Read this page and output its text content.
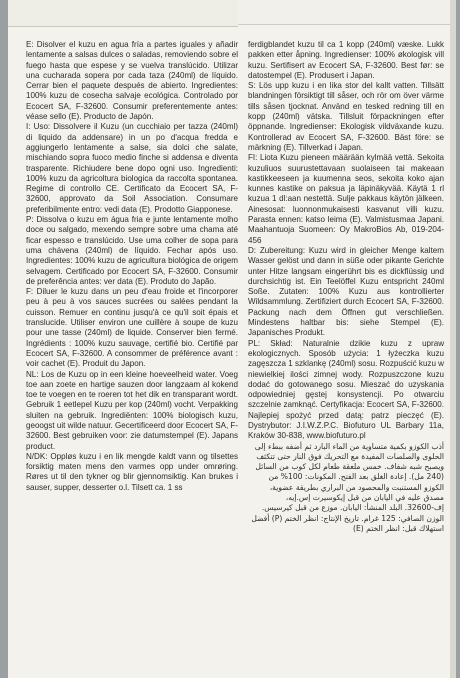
E: Disolver el kuzu en agua fría a partes iguales y añadir lentamente a salsas dulces o saladas, removiendo sobre el fuego hasta que espese y se vuelva translúcido. Utilizar una cucharada sopera por cada taza (240ml) de líquido. Cerrar bien el paquete después de abierto. Ingredientes: 100% kuzu de cosecha salvaje ecológica. Controlado por Ecocert SA, F-32600. Consumir preferentemente antes: véase sello (E). Producto de Japón.

I: Uso: Dissolvere il Kuzu (un cucchiaio per tazza (240ml) di liquido da addensare) in un po d'acqua fredda e aggiungerlo lentamente a salse, sia dolci che salate, mischiando sopra fuoco medio finche si addensa e diventa trasparente. Richiudere bene dopo ogni uso. Ingredienti: 100% kuzu da agricoltura biologica da raccolta spontanea. Regime di controllo CE. Certificato da Ecocert SA, F-32600, approvato da Soil Association. Consumare preferibilmente entro: vedi data (E). Prodotto Giapponese.

P: Dissolva o kuzu em água fria e junte lentamente molho doce ou salgado, mexendo sempre sobre uma chama até ficar espesso e translúcido. Use uma colher de sopa para uma chávena (240ml) de líquido. Fechar após uso. Ingredientes: 100% kuzu de agricultura biológica de origem selvagem. Certificado por Ecocert SA, F-32600. Consumir de preferência antes: ver data (E). Produto do Japão.

F: Diluer le kuzu dans un peu d'eau froide et l'incorporer peu à peu à vos sauces sucrées ou salées pendant la cuisson. Remuer en continu jusqu'à ce qu'il soit épais et translucide. Utiliser environ une cuillère à soupe de kuzu pour une tasse (240ml) de liquide. Conserver bien fermé. Ingrédients : 100% kuzu sauvage, certifié bio. Certifié par Ecocert SA, F-32600. A consommer de préférence avant : voir cachet (E). Produit du Japon.

NL: Los de Kuzu op in een kleine hoeveelheid water. Voeg toe aan zoete en hartige sauzen door langzaam al kokend toe te voegen en te roeren tot het dik en transparant wordt. Gebruik 1 eetlepel Kuzu per kop (240ml) vocht. Verpakking sluiten na gebruik. Ingrediënten: 100% biologisch kuzu, geoogst uit wilde natuur. Gecertificeerd door Ecocert SA, F-32600. Best gebruiken voor: zie datumstempel (E). Japans product.

N/DK: Oppløs kuzu i en lik mengde kaldt vann og tilsettes forsiktig maten mens den varmes opp under omrøring. Røres ut til den tykner og blir gjennomsiktig. Kan brukes i sauser, supper, desserter o.l. Tilsett ca. 1 ss

ferdigblandet kuzu til ca 1 kopp (240ml) væske. Lukk pakken etter åpning. Ingredienser: 100% økologisk vill kuzu. Sertifisert av Ecocert SA, F-32600. Best før: se datostempel (E). Produsert i Japan.

S: Lös upp kuzu i en lika stor del kallt vatten. Tillsätt blandningen försiktigt till såser, och rör om över värme tills såsen tjocknat. Använd en tesked redning till en kopp (240ml) vätska. Tillsluit förpackningen efter öppnande. Ingredienser: Ekologisk vildväxande kuzu. Kontrollerad av Ecocert SA, F-32600. Bäst före: se märkning (E). Tillverkad i Japan.

FI: Liota Kuzu pieneen määrään kylmää vettä. Sekoita kuzuliuos suurustettavaan suolaiseen tai makeaan kastikkeeseen ja kuumenna seos, sekoita koko ajan kunnes kastike on paksua ja läpinäkyvää. Käytä 1 rl kuzua 1 dl:aan nestettä. Sulje pakkaus käytön jälkeen. Ainesosat: luonnonmukaisesti kasvanut villi kuzu. Parasta ennen: katso leima (E). Valmistusmaa Japani. Maahantuoja Suomeen: Oy MakroBios Ab, 019-204-456

D: Zubereitung: Kuzu wird in gleicher Menge kaltem Wasser gelöst und dann in süße oder pikante Gerichte unter Hitze langsam eingerührt bis es dickflüssig und durchsichtig ist. Ein Teelöffel Kuzu entspricht 240ml Soße. Zutaten: 100% Kuzu aus kontrollierter Wildsammlung. Zertifiziert durch Ecocert SA, F-32600. Packung nach dem Öffnen gut verschließen. Mindestens haltbar bis: siehe Stempel (E). Japanisches Produkt.

PL: Skład: Naturalnie dzikie kuzu z upraw ekologicznych. Sposób użycia: 1 łyżeczka kuzu zagęszcza 1 szklankę (240ml) sosu. Rozpuścić kuzu w niewielkiej ilości zimnej wody. Rozpuszczone kuzu dodać do gotowanego sosu. Mieszać do uzyskania odpowiedniej gęstej konsystencji. Po otwarciu szczelnie zamknąć. Certyfikacja: Ecocert SA, F-32600. Najlepiej spożyć przed datą: patrz pieczęć (E). Dystrybutor: J.I.W.Z.P.C. Biofuturo UL Barbary 11a, Kraków 30-838, www.biofuturo.pl

أذب الكوزو بكمية متساوية من الماء البارد ثم أضفه ببطء إلى الحلوى والصلصات المفيدة مع التحريك فوق النار حتى تتكثف ويصبح شبه شفاف. خمس ملعقة طعام لكل كوب من السائل (240 مل). إعادة الغلق بعد الفتح. المكونات: 100% من الكوزو المستنبت والمحصود من البراري بطريقة عضوية، مصدق عليه في اليابان من قبل إيكوسيرت إس.إيه، إف-32600. البلد المنشأ: اليابان. موزع من قبل كيرسيس. الوزن الصافي: 125 غرام. تاريخ الإنتاج: انظر الختم (P) أفضل استهلاك قبل: انظر الختم (E)
